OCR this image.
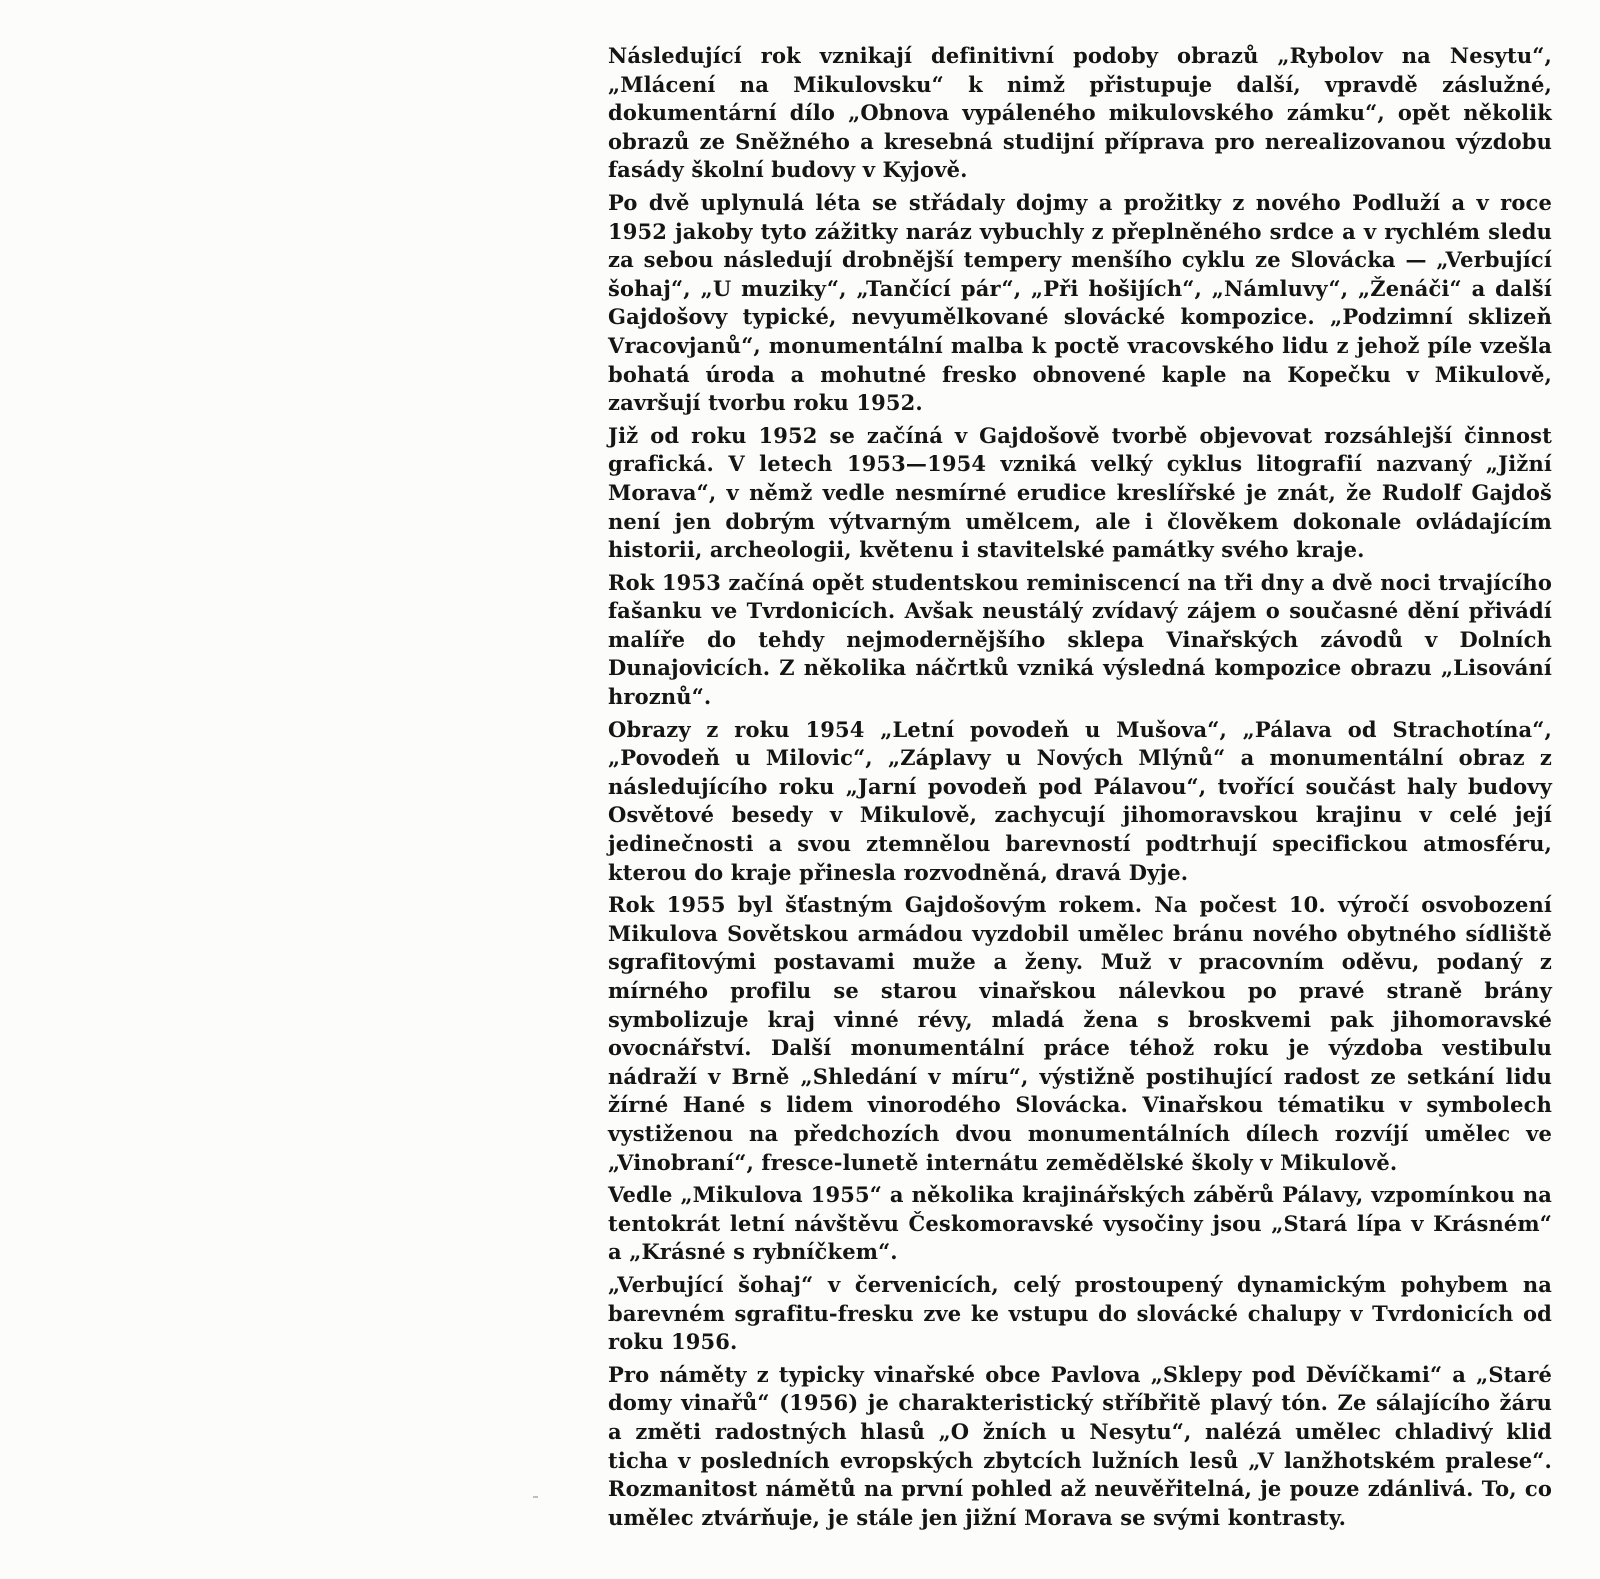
Následující rok vznikají definitivní podoby obrazů „Rybolov na Nesytu“, „Mlácení na Mikulovsku“ k nimž přistupuje další, vpravdě záslužné, dokumentární dílo „Obnova vypáleného mikulovského zámku“, opět několik obrazů ze Sněžného a kresebná studijní příprava pro nerealizovanou výzdobu fasády školní budovy v Kyjově.

Po dvě uplynulá léta se střádaly dojmy a prožitky z nového Podluží a v roce 1952 jakoby tyto zážitky naráz vybuchly z přeplněného srdce a v rychlém sledu za sebou následují drobnější tempery menšího cyklu ze Slovácka — „Verbující šohaj“, „U muziky“, „Tančící pár“, „Při hošijích“, „Námluvy“, „Ženáči“ a další Gajdošovy typické, nevyumělkované slovácké kompozice. „Podzimní sklizeň Vracovjanů“, monumentální malba k poctě vracovského lidu z jehož píle vzešla bohatá úroda a mohutné fresko obnovené kaple na Kopečku v Mikulově, završují tvorbu roku 1952.

Již od roku 1952 se začíná v Gajdošově tvorbě objevovat rozsáhlejší činnost grafická. V letech 1953—1954 vzniká velký cyklus litografií nazvaný „Jižní Morava“, v němž vedle nesmírné erudice kreslířské je znát, že Rudolf Gajdoš není jen dobrým výtvarným umělcem, ale i člověkem dokonale ovládajícím historii, archeologii, květenu i stavitelské památky svého kraje.

Rok 1953 začíná opět studentskou reminiscencí na tři dny a dvě noci trvajícího fašanku ve Tvrdonicích. Avšak neustálý zvídavý zájem o současné dění přivádí malíře do tehdy nejmodernějšího sklepa Vinařských závodů v Dolních Dunajovicích. Z několika náčrtků vzniká výsledná kompozice obrazu „Lisování hroznů“.

Obrazy z roku 1954 „Letní povodeň u Mušova“, „Pálava od Strachotína“, „Povodeň u Milovic“, „Záplavy u Nových Mlýnů“ a monumentální obraz z následujícího roku „Jarní povodeň pod Pálavou“, tvořící součást haly budovy Osvětové besedy v Mikulově, zachycují jihomoravskou krajinu v celé její jedinečnosti a svou ztemnělou barevností podtrhují specifickou atmosféru, kterou do kraje přinesla rozvodněná, dravá Dyje.

Rok 1955 byl šťastným Gajdošovým rokem. Na počest 10. výročí osvobození Mikulova Sovětskou armádou vyzdobil umělec bránu nového obytného sídliště sgrafitovými postavami muže a ženy. Muž v pracovním oděvu, podaný z mírného profilu se starou vinařskou nálevkou po pravé straně brány symbolizuje kraj vinné révy, mladá žena s broskvemi pak jihomoravské ovocnářství. Další monumentální práce téhož roku je výzdoba vestibulu nádraží v Brně „Shledání v míru“, výstižně postihující radost ze setkání lidu žírné Hané s lidem vinorodého Slovácka. Vinařskou tématiku v symbolech vystiženou na předchozích dvou monumentálních dílech rozvíjí umělec ve „Vinobraní“, fresce-lunetě internátu zemědělské školy v Mikulově.

Vedle „Mikulova 1955“ a několika krajinářských záběrů Pálavy, vzpomínkou na tentokrát letní návštěvu Českomoravské vysočiny jsou „Stará lípa v Krásném“ a „Krásné s rybníčkem“.

„Verbující šohaj“ v červenicích, celý prostoupený dynamickým pohybem na barevném sgrafitu-fresku zve ke vstupu do slovácké chalupy v Tvrdonicích od roku 1956.

Pro náměty z typicky vinařské obce Pavlova „Sklepy pod Děvíčkami“ a „Staré domy vinařů“ (1956) je charakteristický stříbřitě plavý tón. Ze sálajícího žáru a změti radostných hlasů „O žních u Nesytu“, nalézá umělec chladivý klid ticha v posledních evropských zbytcích lužních lesů „V lanžhotském pralese“. Rozmanitost námětů na první pohled až neuvěřitelná, je pouze zdánlivá. To, co umělec ztvárňuje, je stále jen jižní Morava se svými kontrasty.
